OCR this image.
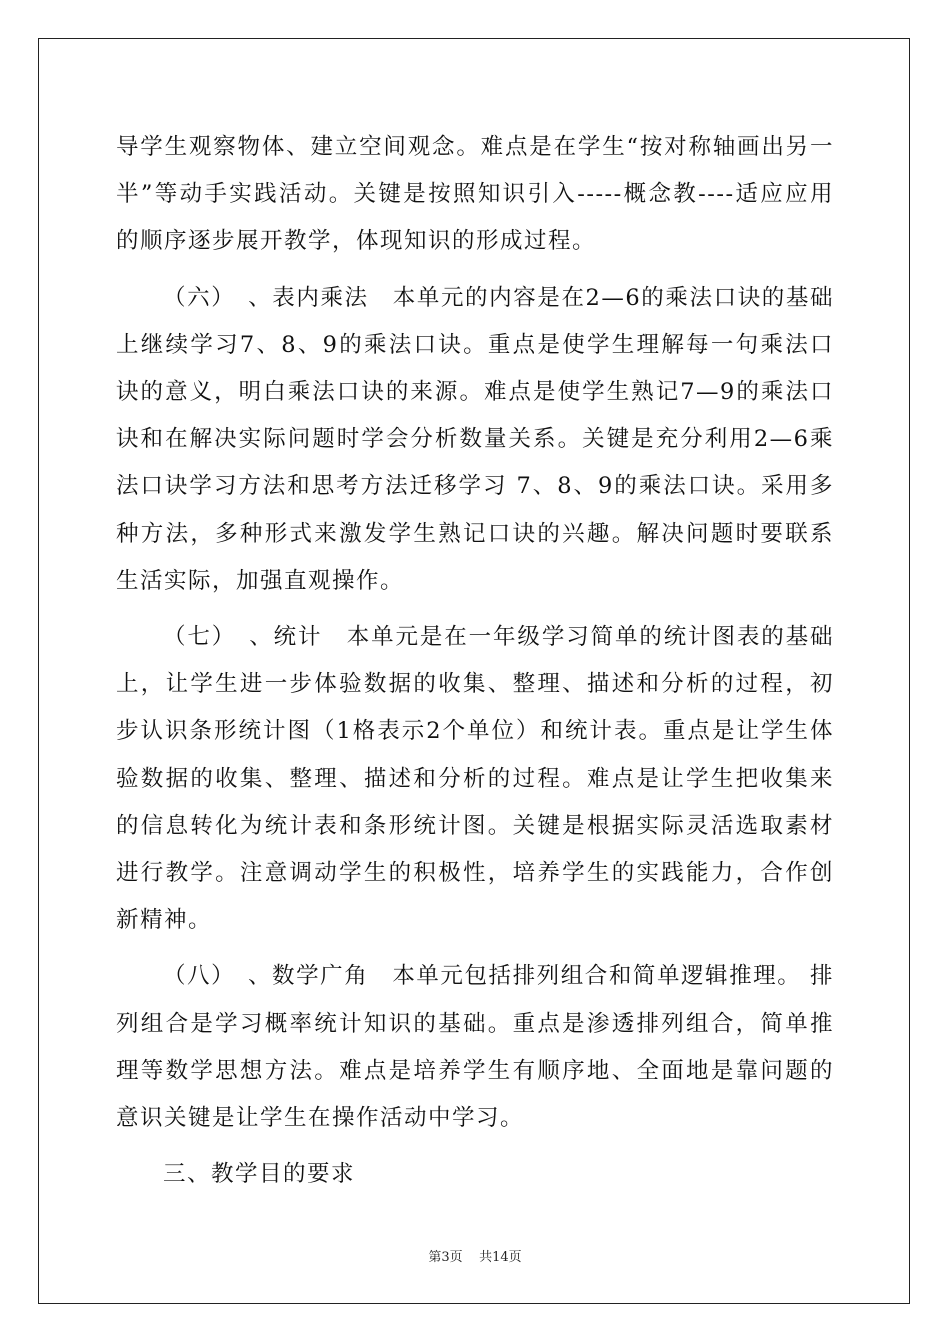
导学生观察物体、建立空间观念。难点是在学生“按对称轴画出另一半”等动手实践活动。关键是按照知识引入-----概念教----适应应用的顺序逐步展开教学，体现知识的形成过程。

（六）　、表内乘法　本单元的内容是在2—6的乘法口诀的基础上继续学习7、8、9的乘法口诀。重点是使学生理解每一句乘法口诀的意义，明白乘法口诀的来源。难点是使学生熟记7—9的乘法口诀和在解决实际问题时学会分析数量关系。关键是充分利用2—6乘法口诀学习方法和思考方法迁移学习 7、8、9的乘法口诀。采用多种方法，多种形式来激发学生熟记口诀的兴趣。解决问题时要联系生活实际，加强直观操作。

（七）　、统计　本单元是在一年级学习简单的统计图表的基础上，让学生进一步体验数据的收集、整理、描述和分析的过程，初步认识条形统计图（1格表示2个单位）和统计表。重点是让学生体验数据的收集、整理、描述和分析的过程。难点是让学生把收集来的信息转化为统计表和条形统计图。关键是根据实际灵活选取素材进行教学。注意调动学生的积极性，培养学生的实践能力，合作创新精神。

（八）　、数学广角　本单元包括排列组合和简单逻辑推理。 排列组合是学习概率统计知识的基础。重点是渗透排列组合，简单推理等数学思想方法。难点是培养学生有顺序地、全面地是靠问题的意识关键是让学生在操作活动中学习。

三、教学目的要求

第3页 共14页
